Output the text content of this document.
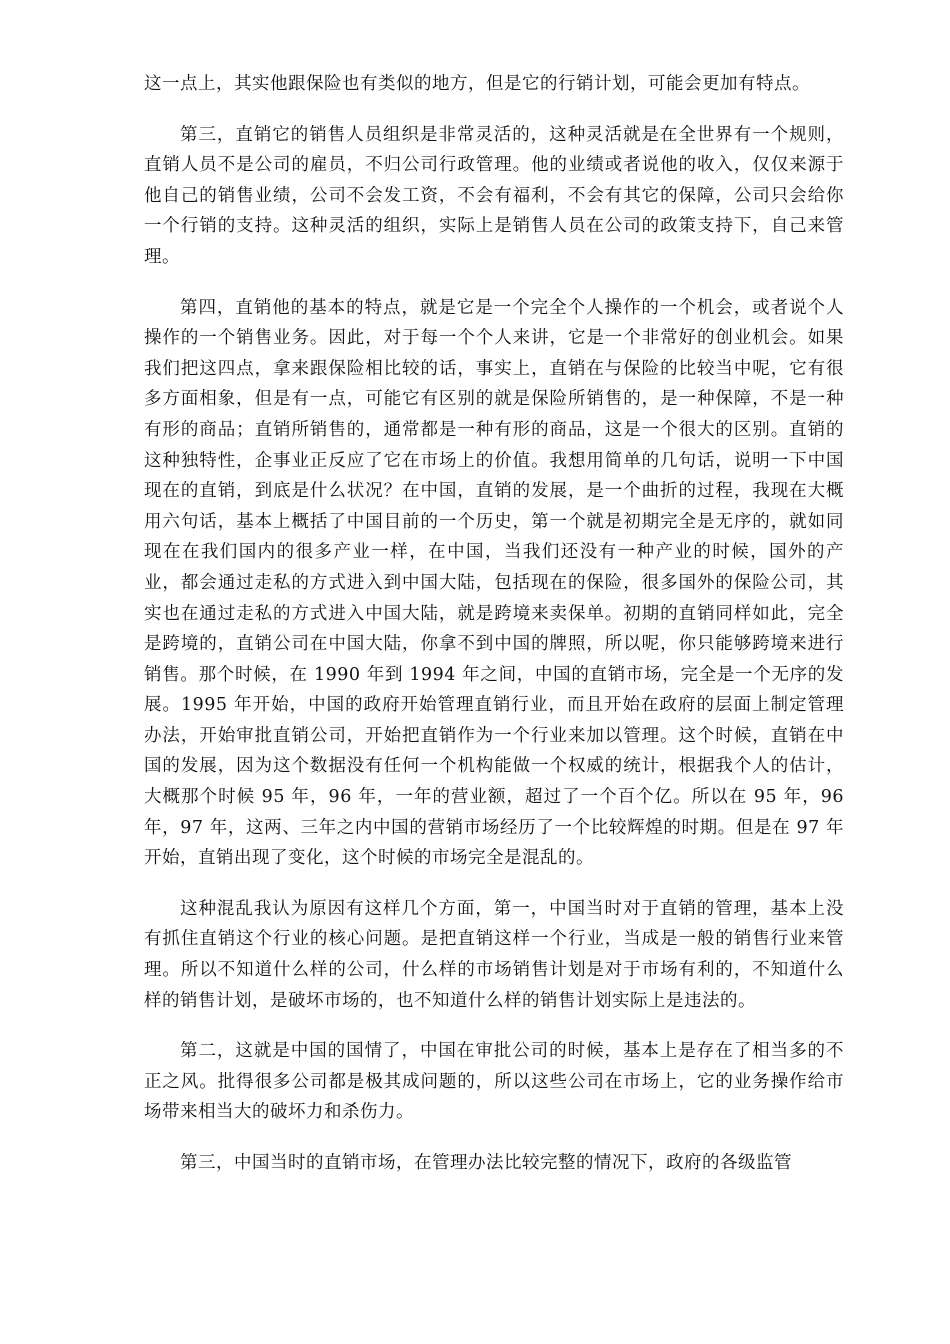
这一点上，其实他跟保险也有类似的地方，但是它的行销计划，可能会更加有特点。

第三，直销它的销售人员组织是非常灵活的，这种灵活就是在全世界有一个规则，直销人员不是公司的雇员，不归公司行政管理。他的业绩或者说他的收入，仅仅来源于他自己的销售业绩，公司不会发工资，不会有福利，不会有其它的保障，公司只会给你一个行销的支持。这种灵活的组织，实际上是销售人员在公司的政策支持下，自己来管理。

第四，直销他的基本的特点，就是它是一个完全个人操作的一个机会，或者说个人操作的一个销售业务。因此，对于每一个个人来讲，它是一个非常好的创业机会。如果我们把这四点，拿来跟保险相比较的话，事实上，直销在与保险的比较当中呢，它有很多方面相象，但是有一点，可能它有区别的就是保险所销售的，是一种保障，不是一种有形的商品；直销所销售的，通常都是一种有形的商品，这是一个很大的区别。直销的这种独特性，企事业正反应了它在市场上的价值。我想用简单的几句话，说明一下中国现在的直销，到底是什么状况？在中国，直销的发展，是一个曲折的过程，我现在大概用六句话，基本上概括了中国目前的一个历史，第一个就是初期完全是无序的，就如同现在在我们国内的很多产业一样，在中国，当我们还没有一种产业的时候，国外的产业，都会通过走私的方式进入到中国大陆，包括现在的保险，很多国外的保险公司，其实也在通过走私的方式进入中国大陆，就是跨境来卖保单。初期的直销同样如此，完全是跨境的，直销公司在中国大陆，你拿不到中国的牌照，所以呢，你只能够跨境来进行销售。那个时候，在 1990 年到 1994 年之间，中国的直销市场，完全是一个无序的发展。1995 年开始，中国的政府开始管理直销行业，而且开始在政府的层面上制定管理办法，开始审批直销公司，开始把直销作为一个行业来加以管理。这个时候，直销在中国的发展，因为这个数据没有任何一个机构能做一个权威的统计，根据我个人的估计，大概那个时候 95 年，96 年，一年的营业额，超过了一个百个亿。所以在 95 年，96 年，97 年，这两、三年之内中国的营销市场经历了一个比较辉煌的时期。但是在 97 年开始，直销出现了变化，这个时候的市场完全是混乱的。

这种混乱我认为原因有这样几个方面，第一，中国当时对于直销的管理，基本上没有抓住直销这个行业的核心问题。是把直销这样一个行业，当成是一般的销售行业来管理。所以不知道什么样的公司，什么样的市场销售计划是对于市场有利的，不知道什么样的销售计划，是破坏市场的，也不知道什么样的销售计划实际上是违法的。

第二，这就是中国的国情了，中国在审批公司的时候，基本上是存在了相当多的不正之风。批得很多公司都是极其成问题的，所以这些公司在市场上，它的业务操作给市场带来相当大的破坏力和杀伤力。

第三，中国当时的直销市场，在管理办法比较完整的情况下，政府的各级监管
